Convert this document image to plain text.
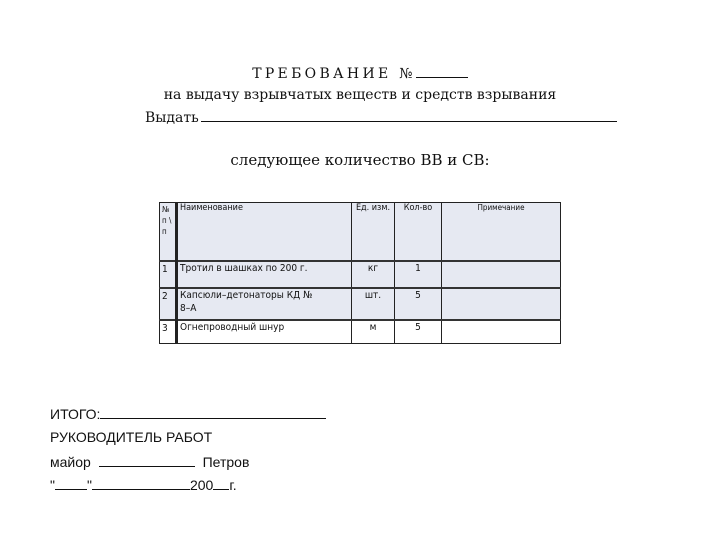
ТРЕБОВАНИЕ №
на выдачу взрывчатых веществ и средств взрывания
Выдать
следующее количество ВВ и СВ:
№ п \ п	Наименование	Ед. изм.	Кол-во	Примечание
1	Тротил в шашках по 200 г.	кг	1	
2	Капсюли–детонаторы КД № 8–А	шт.	5	
3	Огнепроводный шнур	м	5	
ИТОГО:
РУКОВОДИТЕЛЬ РАБОТ
майор	Петров
" "	200 г.
